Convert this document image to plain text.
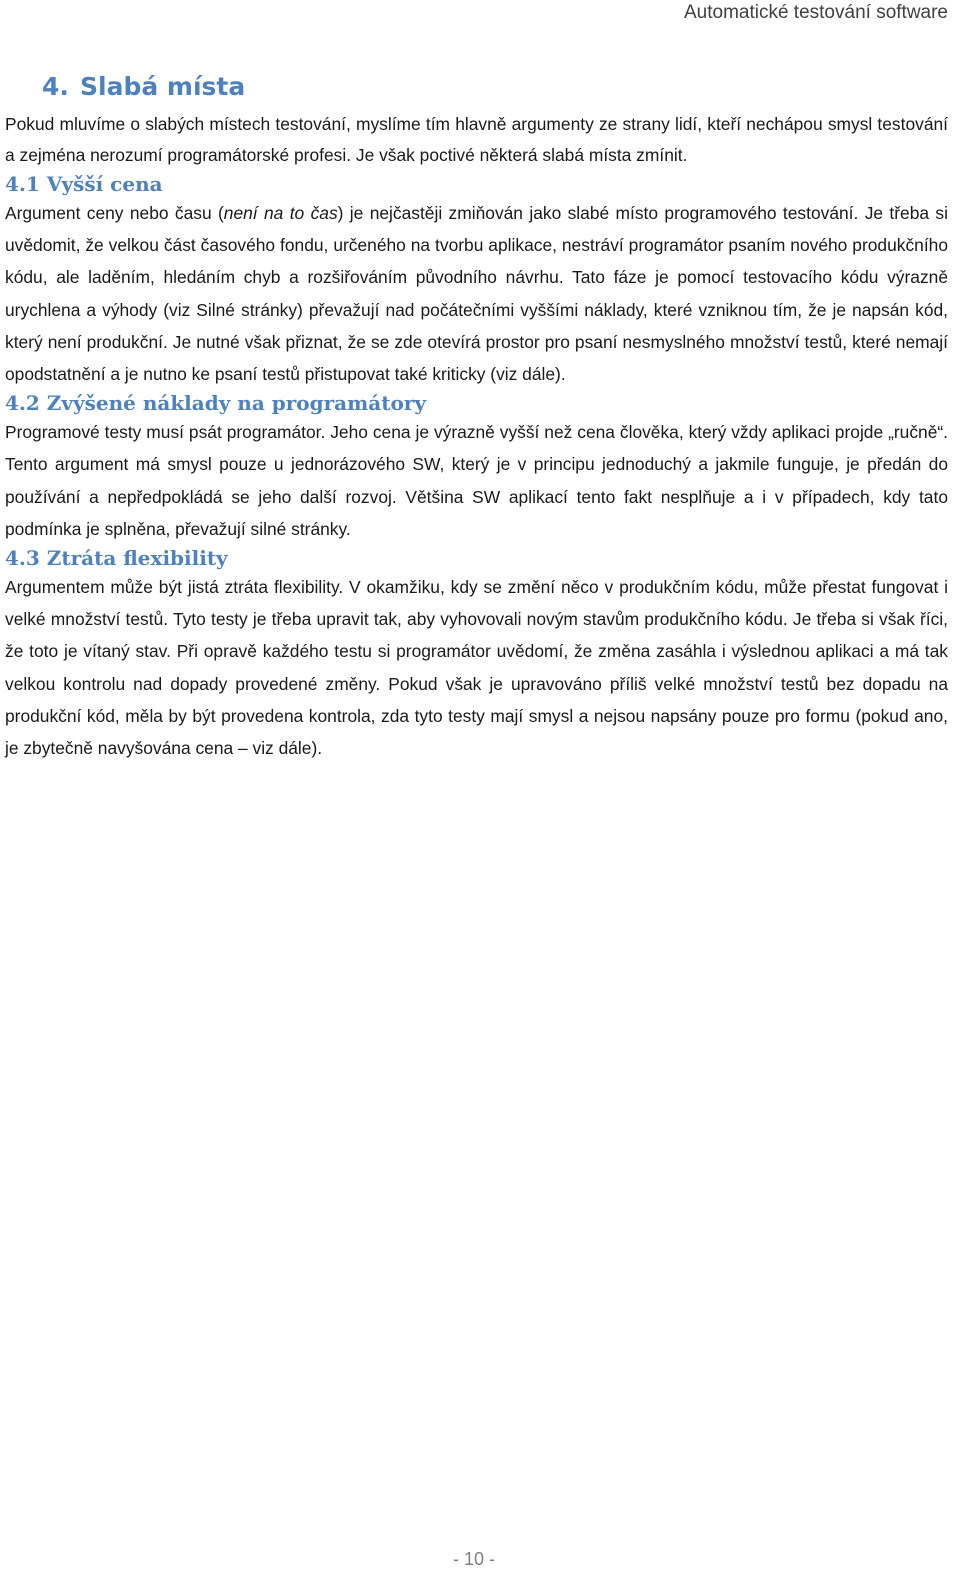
Automatické testování software
4. Slabá místa

Pokud mluvíme o slabých místech testování, myslíme tím hlavně argumenty ze strany lidí, kteří nechápou smysl testování a zejména nerozumí programátorské profesi. Je však poctivé některá slabá místa zmínit.

4.1 Vyšší cena

Argument ceny nebo času (není na to čas) je nejčastěji zmiňován jako slabé místo programového testování. Je třeba si uvědomit, že velkou část časového fondu, určeného na tvorbu aplikace, nestráví programátor psaním nového produkčního kódu, ale laděním, hledáním chyb a rozšiřováním původního návrhu. Tato fáze je pomocí testovacího kódu výrazně urychlena a výhody (viz Silné stránky) převažují nad počátečními vyššími náklady, které vzniknou tím, že je napsán kód, který není produkční. Je nutné však přiznat, že se zde otevírá prostor pro psaní nesmyslného množství testů, které nemají opodstatnění a je nutno ke psaní testů přistupovat také kriticky (viz dále).

4.2 Zvýšené náklady na programátory

Programové testy musí psát programátor. Jeho cena je výrazně vyšší než cena člověka, který vždy aplikaci projde „ručně“. Tento argument má smysl pouze u jednorázového SW, který je v principu jednoduchý a jakmile funguje, je předán do používání a nepředpokládá se jeho další rozvoj. Většina SW aplikací tento fakt nesplňuje a i v případech, kdy tato podmínka je splněna, převažují silné stránky.

4.3 Ztráta flexibility

Argumentem může být jistá ztráta flexibility. V okamžiku, kdy se změní něco v produkčním kódu, může přestat fungovat i velké množství testů. Tyto testy je třeba upravit tak, aby vyhovovali novým stavům produkčního kódu. Je třeba si však říci, že toto je vítaný stav. Při opravě každého testu si programátor uvědomí, že změna zasáhla i výslednou aplikaci a má tak velkou kontrolu nad dopady provedené změny. Pokud však je upravováno příliš velké množství testů bez dopadu na produkční kód, měla by být provedena kontrola, zda tyto testy mají smysl a nejsou napsány pouze pro formu (pokud ano, je zbytečně navyšována cena – viz dále).

- 10 -
